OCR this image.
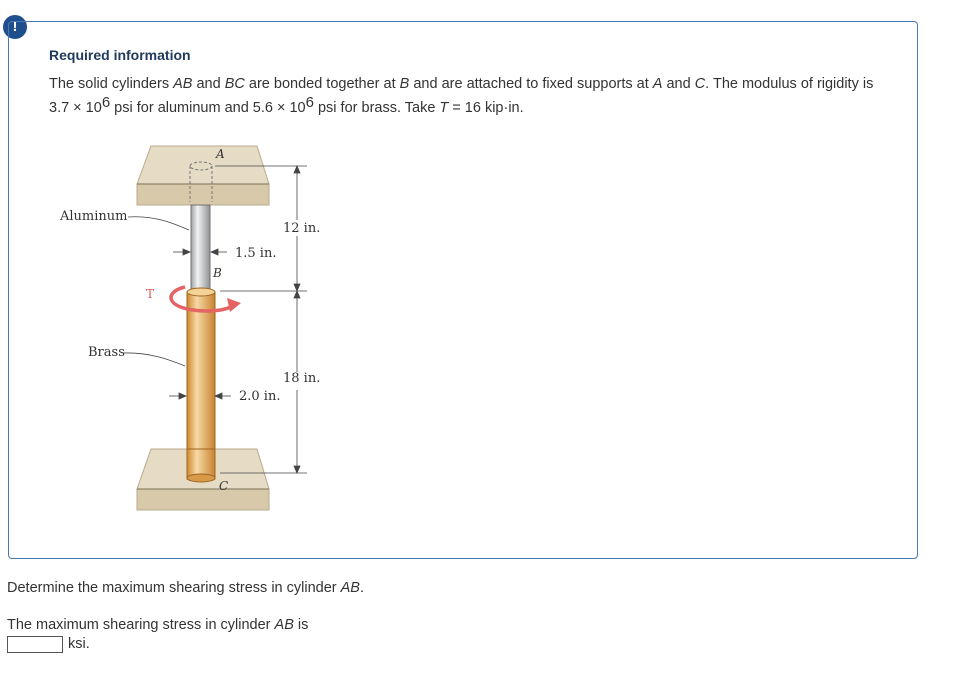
!
Required information
The solid cylinders AB and BC are bonded together at B and are attached to fixed supports at A and C. The modulus of rigidity is $3.7 \times 10^6$ psi for aluminum and $5.6 \times 10^6$ psi for brass. Take T = 16 kip·in.
A
B
C
T
Aluminum
Brass
1.5 in.
2.0 in.
12 in.
18 in.
Determine the maximum shearing stress in cylinder AB.
The maximum shearing stress in cylinder AB is
ksi.
